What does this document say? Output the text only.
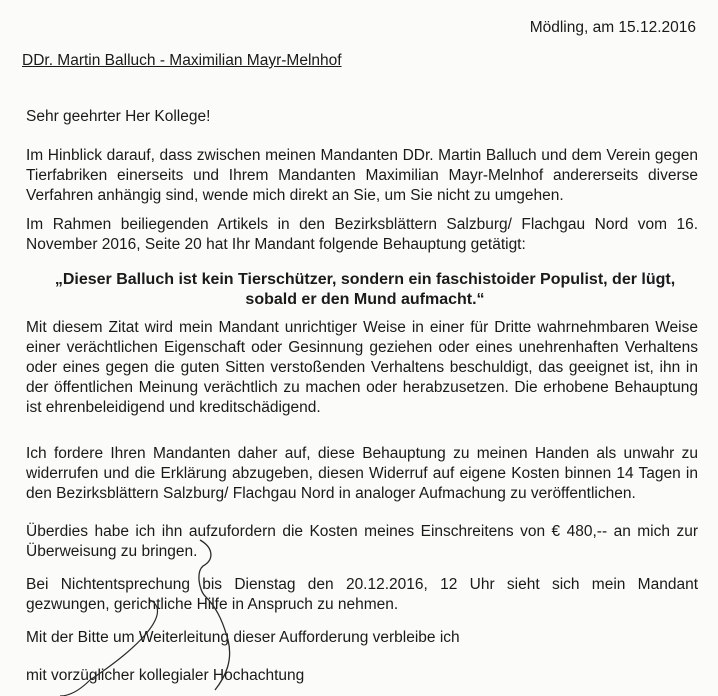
Mödling, am 15.12.2016
DDr. Martin Balluch - Maximilian Mayr-Melnhof
Sehr geehrter Her Kollege!
Im Hinblick darauf, dass zwischen meinen Mandanten DDr. Martin Balluch und dem Verein gegen Tierfabriken einerseits und Ihrem Mandanten Maximilian Mayr-Melnhof andererseits diverse Verfahren anhängig sind, wende mich direkt an Sie, um Sie nicht zu umgehen.
Im Rahmen beiliegenden Artikels in den Bezirksblättern Salzburg/ Flachgau Nord vom 16. November 2016, Seite 20 hat Ihr Mandant folgende Behauptung getätigt:
„Dieser Balluch ist kein Tierschützer, sondern ein faschistoider Populist, der lügt, sobald er den Mund aufmacht.“
Mit diesem Zitat wird mein Mandant unrichtiger Weise in einer für Dritte wahrnehmbaren Weise einer verächtlichen Eigenschaft oder Gesinnung geziehen oder eines unehrenhaften Verhaltens oder eines gegen die guten Sitten verstoßenden Verhaltens beschuldigt, das geeignet ist, ihn in der öffentlichen Meinung verächtlich zu machen oder herabzusetzen. Die erhobene Behauptung ist ehrenbeleidigend und kreditschädigend.
Ich fordere Ihren Mandanten daher auf, diese Behauptung zu meinen Handen als unwahr zu widerrufen und die Erklärung abzugeben, diesen Widerruf auf eigene Kosten binnen 14 Tagen in den Bezirksblättern Salzburg/ Flachgau Nord in analoger Aufmachung zu veröffentlichen.
Überdies habe ich ihn aufzufordern die Kosten meines Einschreitens von € 480,-- an mich zur Überweisung zu bringen.
Bei Nichtentsprechung bis Dienstag den 20.12.2016, 12 Uhr sieht sich mein Mandant gezwungen, gerichtliche Hilfe in Anspruch zu nehmen.
Mit der Bitte um Weiterleitung dieser Aufforderung verbleibe ich
mit vorzüglicher kollegialer Hochachtung
